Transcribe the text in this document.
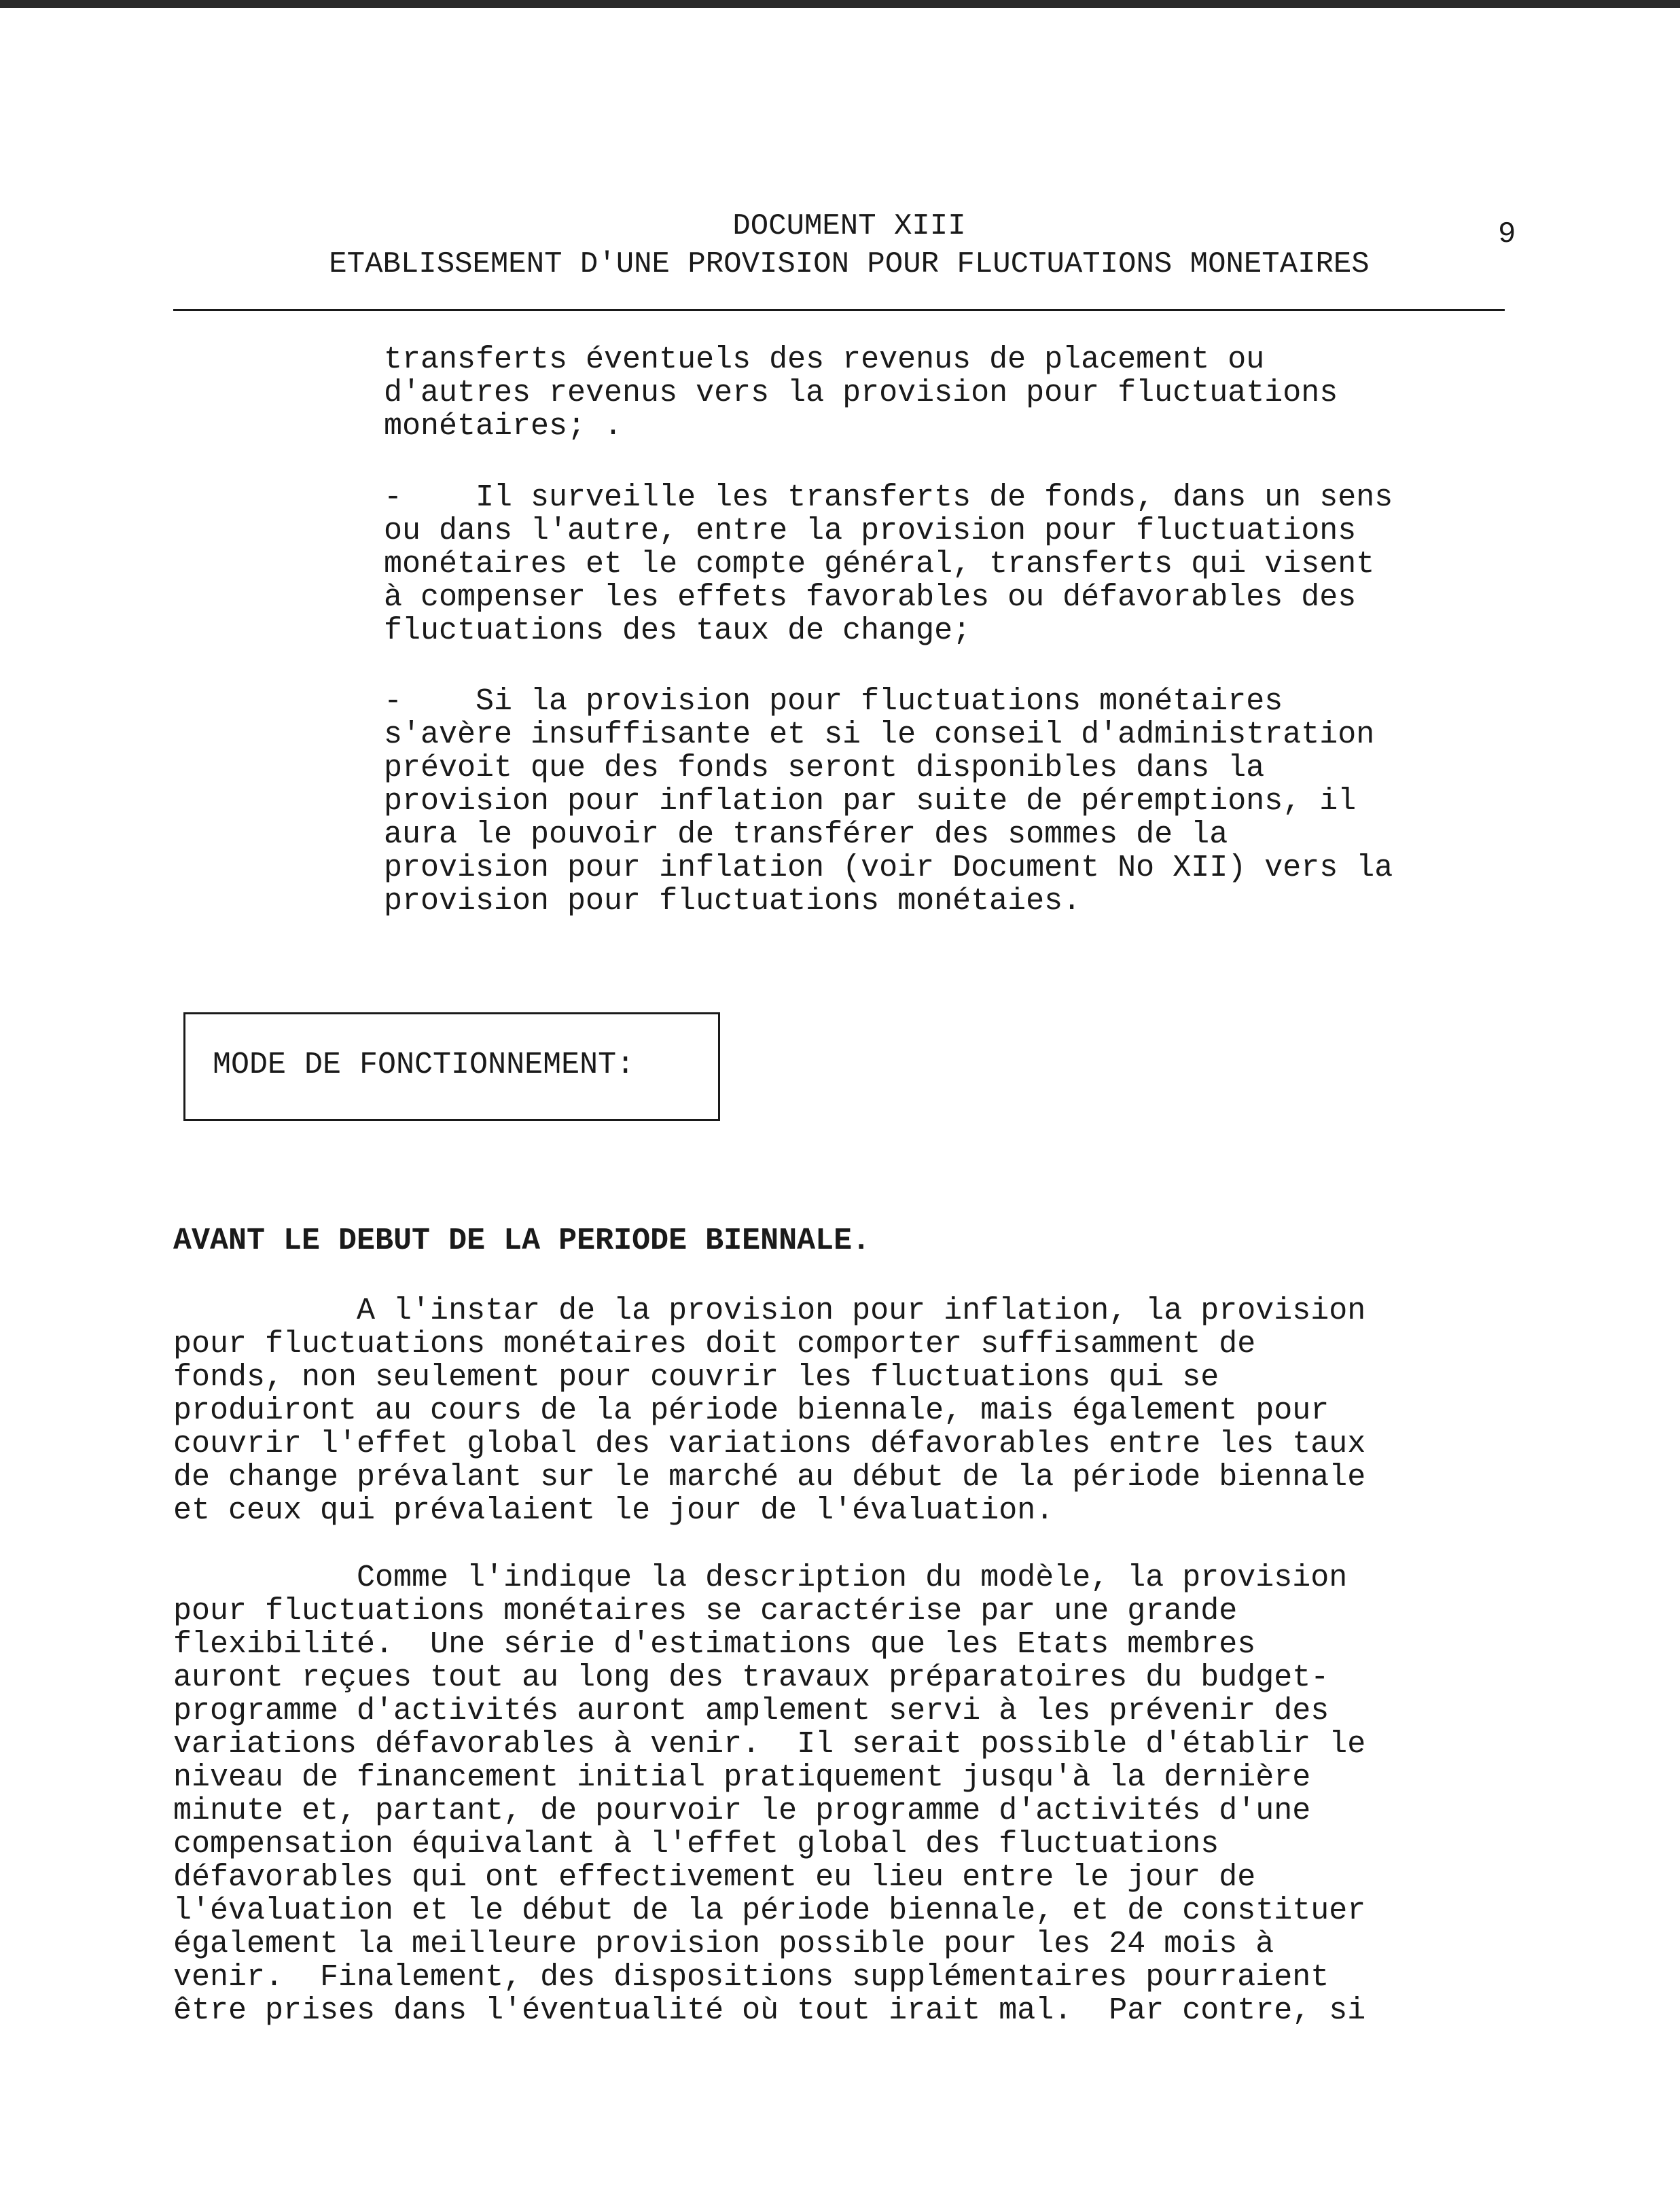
DOCUMENT XIII

ETABLISSEMENT D'UNE PROVISION POUR FLUCTUATIONS MONETAIRES

9
transferts éventuels des revenus de placement ou
d'autres revenus vers la provision pour fluctuations
monétaires; .
-    Il surveille les transferts de fonds, dans un sens
ou dans l'autre, entre la provision pour fluctuations
monétaires et le compte général, transferts qui visent
à compenser les effets favorables ou défavorables des
fluctuations des taux de change;
-    Si la provision pour fluctuations monétaires
s'avère insuffisante et si le conseil d'administration
prévoit que des fonds seront disponibles dans la
provision pour inflation par suite de péremptions, il
aura le pouvoir de transférer des sommes de la
provision pour inflation (voir Document No XII) vers la
provision pour fluctuations monétaies.
MODE DE FONCTIONNEMENT:
AVANT LE DEBUT DE LA PERIODE BIENNALE.
A l'instar de la provision pour inflation, la provision
pour fluctuations monétaires doit comporter suffisamment de
fonds, non seulement pour couvrir les fluctuations qui se
produiront au cours de la période biennale, mais également pour
couvrir l'effet global des variations défavorables entre les taux
de change prévalant sur le marché au début de la période biennale
et ceux qui prévalaient le jour de l'évaluation.
Comme l'indique la description du modèle, la provision
pour fluctuations monétaires se caractérise par une grande
flexibilité.  Une série d'estimations que les Etats membres
auront reçues tout au long des travaux préparatoires du budget-
programme d'activités auront amplement servi à les prévenir des
variations défavorables à venir.  Il serait possible d'établir le
niveau de financement initial pratiquement jusqu'à la dernière
minute et, partant, de pourvoir le programme d'activités d'une
compensation équivalant à l'effet global des fluctuations
défavorables qui ont effectivement eu lieu entre le jour de
l'évaluation et le début de la période biennale, et de constituer
également la meilleure provision possible pour les 24 mois à
venir.  Finalement, des dispositions supplémentaires pourraient
être prises dans l'éventualité où tout irait mal.  Par contre, si
